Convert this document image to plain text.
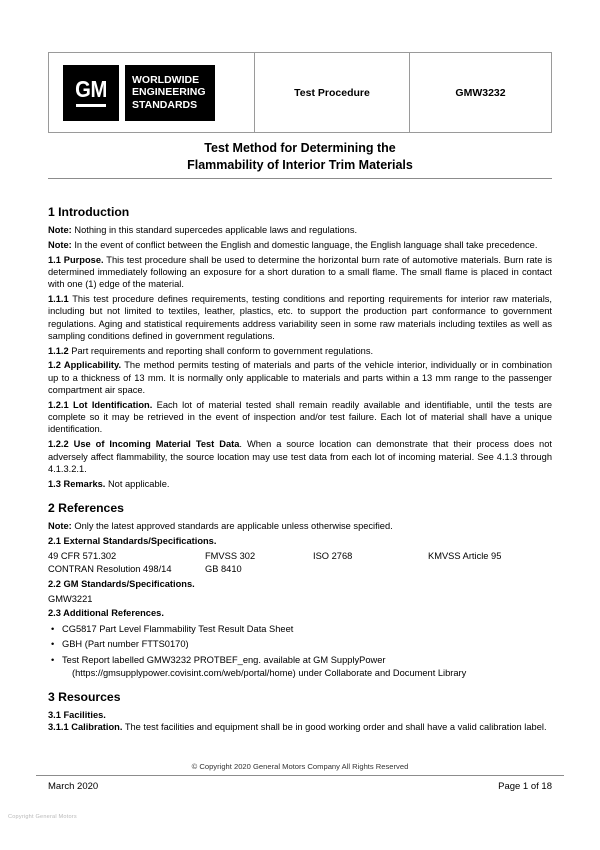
GM WORLDWIDE
ENGINEERING
STANDARDS
Test Procedure	GMW3232
Test Method for Determining the
Flammability of Interior Trim Materials
1 Introduction

Note: Nothing in this standard supercedes applicable laws and regulations.

Note: In the event of conflict between the English and domestic language, the English language shall take precedence.

1.1 Purpose. This test procedure shall be used to determine the horizontal burn rate of automotive materials. Burn rate is determined immediately following an exposure for a short duration to a small flame. The small flame is placed in contact with one (1) edge of the material.

1.1.1 This test procedure defines requirements, testing conditions and reporting requirements for interior raw materials, including but not limited to textiles, leather, plastics, etc. to support the production part conformance to government regulations. Aging and statistical requirements address variability seen in some raw materials including textiles as well as sampling conditions defined in government regulations.

1.1.2 Part requirements and reporting shall conform to government regulations.

1.2 Applicability. The method permits testing of materials and parts of the vehicle interior, individually or in combination up to a thickness of 13 mm. It is normally only applicable to materials and parts within a 13 mm range to the passenger compartment air space.

1.2.1 Lot Identification. Each lot of material tested shall remain readily available and identifiable, until the tests are complete so it may be retrieved in the event of inspection and/or test failure. Each lot of material shall have a unique identification.

1.2.2 Use of Incoming Material Test Data. When a source location can demonstrate that their process does not adversely affect flammability, the source location may use test data from each lot of incoming material. See 4.1.3 through 4.1.3.2.1.

1.3 Remarks. Not applicable.

2 References

Note: Only the latest approved standards are applicable unless otherwise specified.

2.1 External Standards/Specifications.
49 CFR 571.302	FMVSS 302	ISO 2768	KMVSS Article 95
CONTRAN Resolution 498/14	GB 8410
2.2 GM Standards/Specifications.
GMW3221
2.3 Additional References.
• CG5817 Part Level Flammability Test Result Data Sheet
• GBH (Part number FTTS0170)
• Test Report labelled GMW3232 PROTBEF_eng. available at GM SupplyPower
(https://gmsupplypower.covisint.com/web/portal/home) under Collaborate and Document Library
3 Resources
3.1 Facilities.

3.1.1 Calibration. The test facilities and equipment shall be in good working order and shall have a valid calibration label.

© Copyright 2020 General Motors Company All Rights Reserved
March 2020	Page 1 of 18
Copyright General Motors
